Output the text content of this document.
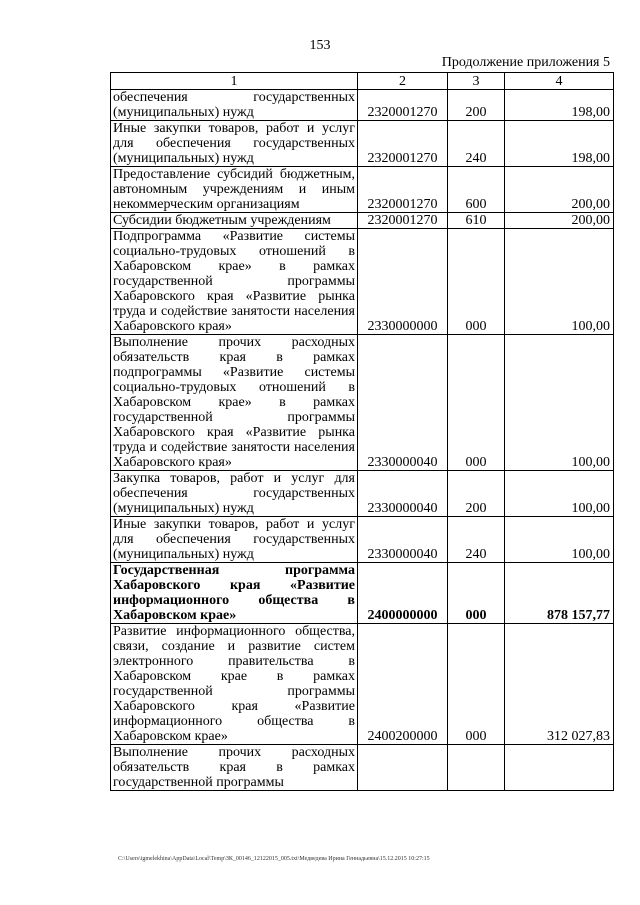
153
Продолжение приложения 5
1	2	3	4
обеспечения государственных (муниципальных) нужд	2320001270	200	198,00
Иные закупки товаров, работ и услуг для обеспечения государственных (муниципальных) нужд	2320001270	240	198,00
Предоставление субсидий бюджетным, автономным учреждениям и иным некоммерческим организациям	2320001270	600	200,00
Субсидии бюджетным учреждениям	2320001270	610	200,00
Подпрограмма «Развитие системы социально-трудовых отношений в Хабаровском крае» в рамках государственной программы Хабаровского края «Развитие рынка труда и содействие занятости населения Хабаровского края»	2330000000	000	100,00
Выполнение прочих расходных обязательств края в рамках подпрограммы «Развитие системы социально-трудовых отношений в Хабаровском крае» в рамках государственной программы Хабаровского края «Развитие рынка труда и содействие занятости населения Хабаровского края»	2330000040	000	100,00
Закупка товаров, работ и услуг для обеспечения государственных (муниципальных) нужд	2330000040	200	100,00
Иные закупки товаров, работ и услуг для обеспечения государственных (муниципальных) нужд	2330000040	240	100,00
Государственная программа Хабаровского края «Развитие информационного общества в Хабаровском крае»	2400000000	000	878 157,77
Развитие информационного общества, связи, создание и развитие систем электронного правительства в Хабаровском крае в рамках государственной программы Хабаровского края «Развитие информационного общества в Хабаровском крае»	2400200000	000	312 027,83
Выполнение прочих расходных обязательств края в рамках государственной программы			
C:\Users\igmelekhina\AppData\Local\Temp\ЗК_00146_12122015_005.txt\Медведева Ирина Геннадьевна\15.12.2015 10:27:15
